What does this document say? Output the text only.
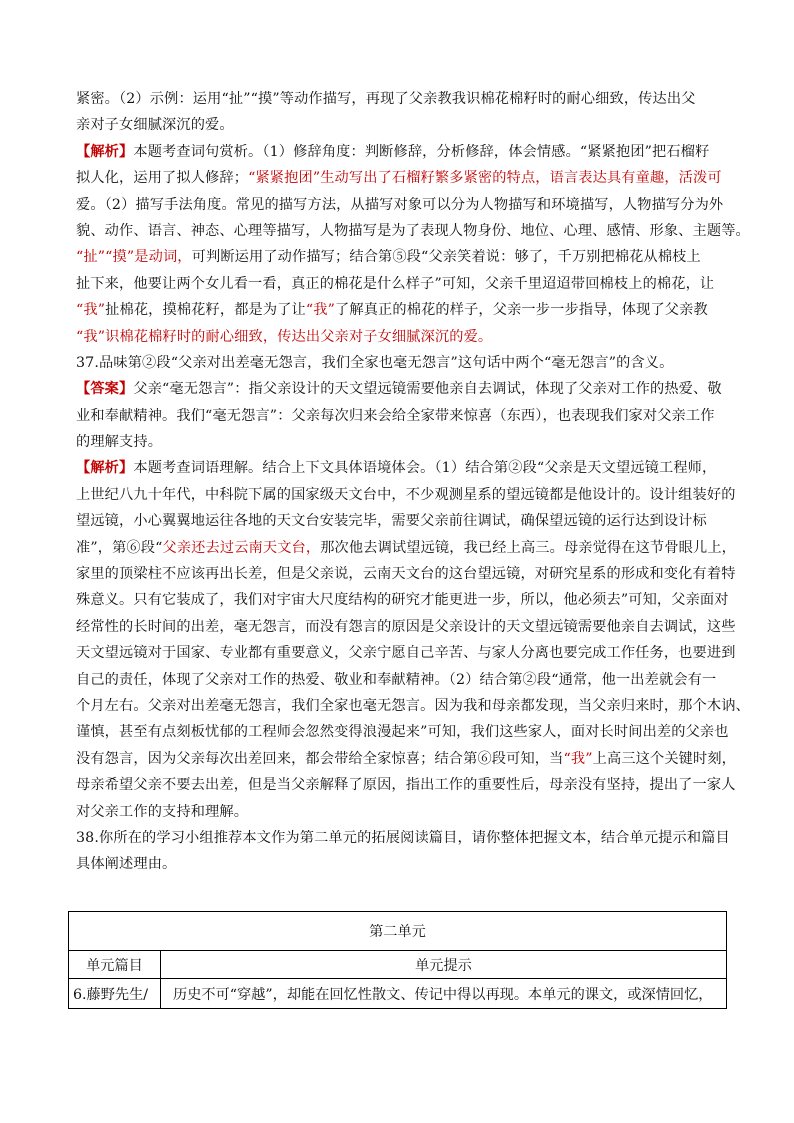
紧密。（2）示例：运用“扯”“摸”等动作描写，再现了父亲教我识棉花棉籽时的耐心细致，传达出父
亲对子女细腻深沉的爱。
【解析】本题考查词句赏析。（1）修辞角度：判断修辞，分析修辞，体会情感。“紧紧抱团”把石榴籽
拟人化，运用了拟人修辞；“紧紧抱团”生动写出了石榴籽繁多紧密的特点，语言表达具有童趣，活泼可
爱。（2）描写手法角度。常见的描写方法，从描写对象可以分为人物描写和环境描写，人物描写分为外
貌、动作、语言、神态、心理等描写，人物描写是为了表现人物身份、地位、心理、感情、形象、主题等。
“扯”“摸”是动词，可判断运用了动作描写；结合第⑤段“父亲笑着说：够了，千万别把棉花从棉枝上
扯下来，他要让两个女儿看一看，真正的棉花是什么样子”可知，父亲千里迢迢带回棉枝上的棉花，让
“我”扯棉花，摸棉花籽，都是为了让“我”了解真正的棉花的样子，父亲一步一步指导，体现了父亲教
“我”识棉花棉籽时的耐心细致，传达出父亲对子女细腻深沉的爱。
37.品味第②段“父亲对出差毫无怨言，我们全家也毫无怨言”这句话中两个“毫无怨言”的含义。
【答案】父亲“毫无怨言”：指父亲设计的天文望远镜需要他亲自去调试，体现了父亲对工作的热爱、敬
业和奉献精神。我们“毫无怨言”：父亲每次归来会给全家带来惊喜（东西），也表现我们家对父亲工作
的理解支持。
【解析】本题考查词语理解。结合上下文具体语境体会。（1）结合第②段“父亲是天文望远镜工程师，
上世纪八九十年代，中科院下属的国家级天文台中，不少观测星系的望远镜都是他设计的。设计组装好的
望远镜，小心翼翼地运往各地的天文台安装完毕，需要父亲前往调试，确保望远镜的运行达到设计标
准”，第⑥段“父亲还去过云南天文台，那次他去调试望远镜，我已经上高三。母亲觉得在这节骨眼儿上，
家里的顶梁柱不应该再出长差，但是父亲说，云南天文台的这台望远镜，对研究星系的形成和变化有着特
殊意义。只有它装成了，我们对宇宙大尺度结构的研究才能更进一步，所以，他必须去”可知，父亲面对
经常性的长时间的出差，毫无怨言，而没有怨言的原因是父亲设计的天文望远镜需要他亲自去调试，这些
天文望远镜对于国家、专业都有重要意义，父亲宁愿自己辛苦、与家人分离也要完成工作任务，也要进到
自己的责任，体现了父亲对工作的热爱、敬业和奉献精神。（2）结合第②段“通常，他一出差就会有一
个月左右。父亲对出差毫无怨言，我们全家也毫无怨言。因为我和母亲都发现，当父亲归来时，那个木讷、
谨慎，甚至有点刻板忧郁的工程师会忽然变得浪漫起来”可知，我们这些家人，面对长时间出差的父亲也
没有怨言，因为父亲每次出差回来，都会带给全家惊喜；结合第⑥段可知，当“我”上高三这个关键时刻，
母亲希望父亲不要去出差，但是当父亲解释了原因，指出工作的重要性后，母亲没有坚持，提出了一家人
对父亲工作的支持和理解。
38.你所在的学习小组推荐本文作为第二单元的拓展阅读篇目，请你整体把握文本，结合单元提示和篇目
具体阐述理由。
第二单元	
单元篇目	单元提示
6.藤野先生/	历史不可“穿越”，却能在回忆性散文、传记中得以再现。本单元的课文，或深情回忆，
